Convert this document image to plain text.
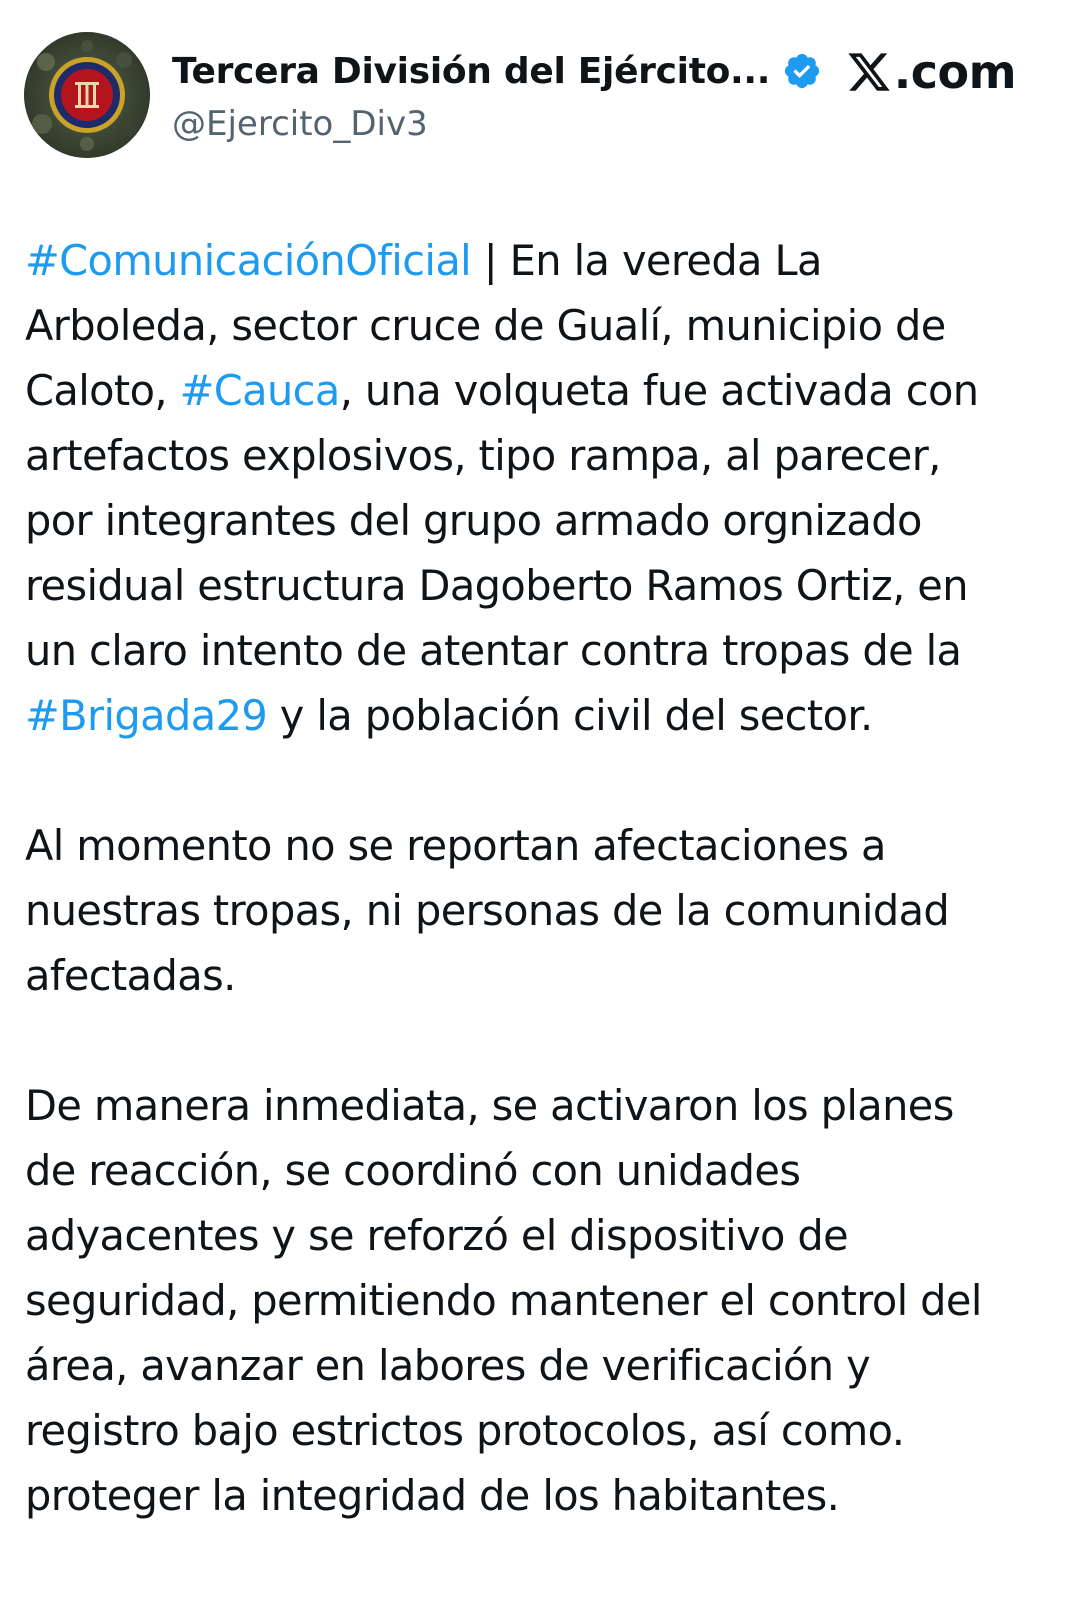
Tercera División del Ejército...
@Ejercito_Div3
.com
#ComunicaciónOficial | En la vereda La
Arboleda, sector cruce de Gualí, municipio de
Caloto, #Cauca, una volqueta fue activada con
artefactos explosivos, tipo rampa, al parecer,
por integrantes del grupo armado orgnizado
residual estructura Dagoberto Ramos Ortiz, en
un claro intento de atentar contra tropas de la
#Brigada29 y la población civil del sector.
Al momento no se reportan afectaciones a
nuestras tropas, ni personas de la comunidad
afectadas.
De manera inmediata, se activaron los planes
de reacción, se coordinó con unidades
adyacentes y se reforzó el dispositivo de
seguridad, permitiendo mantener el control del
área, avanzar en labores de verificación y
registro bajo estrictos protocolos, así como.
proteger la integridad de los habitantes.
